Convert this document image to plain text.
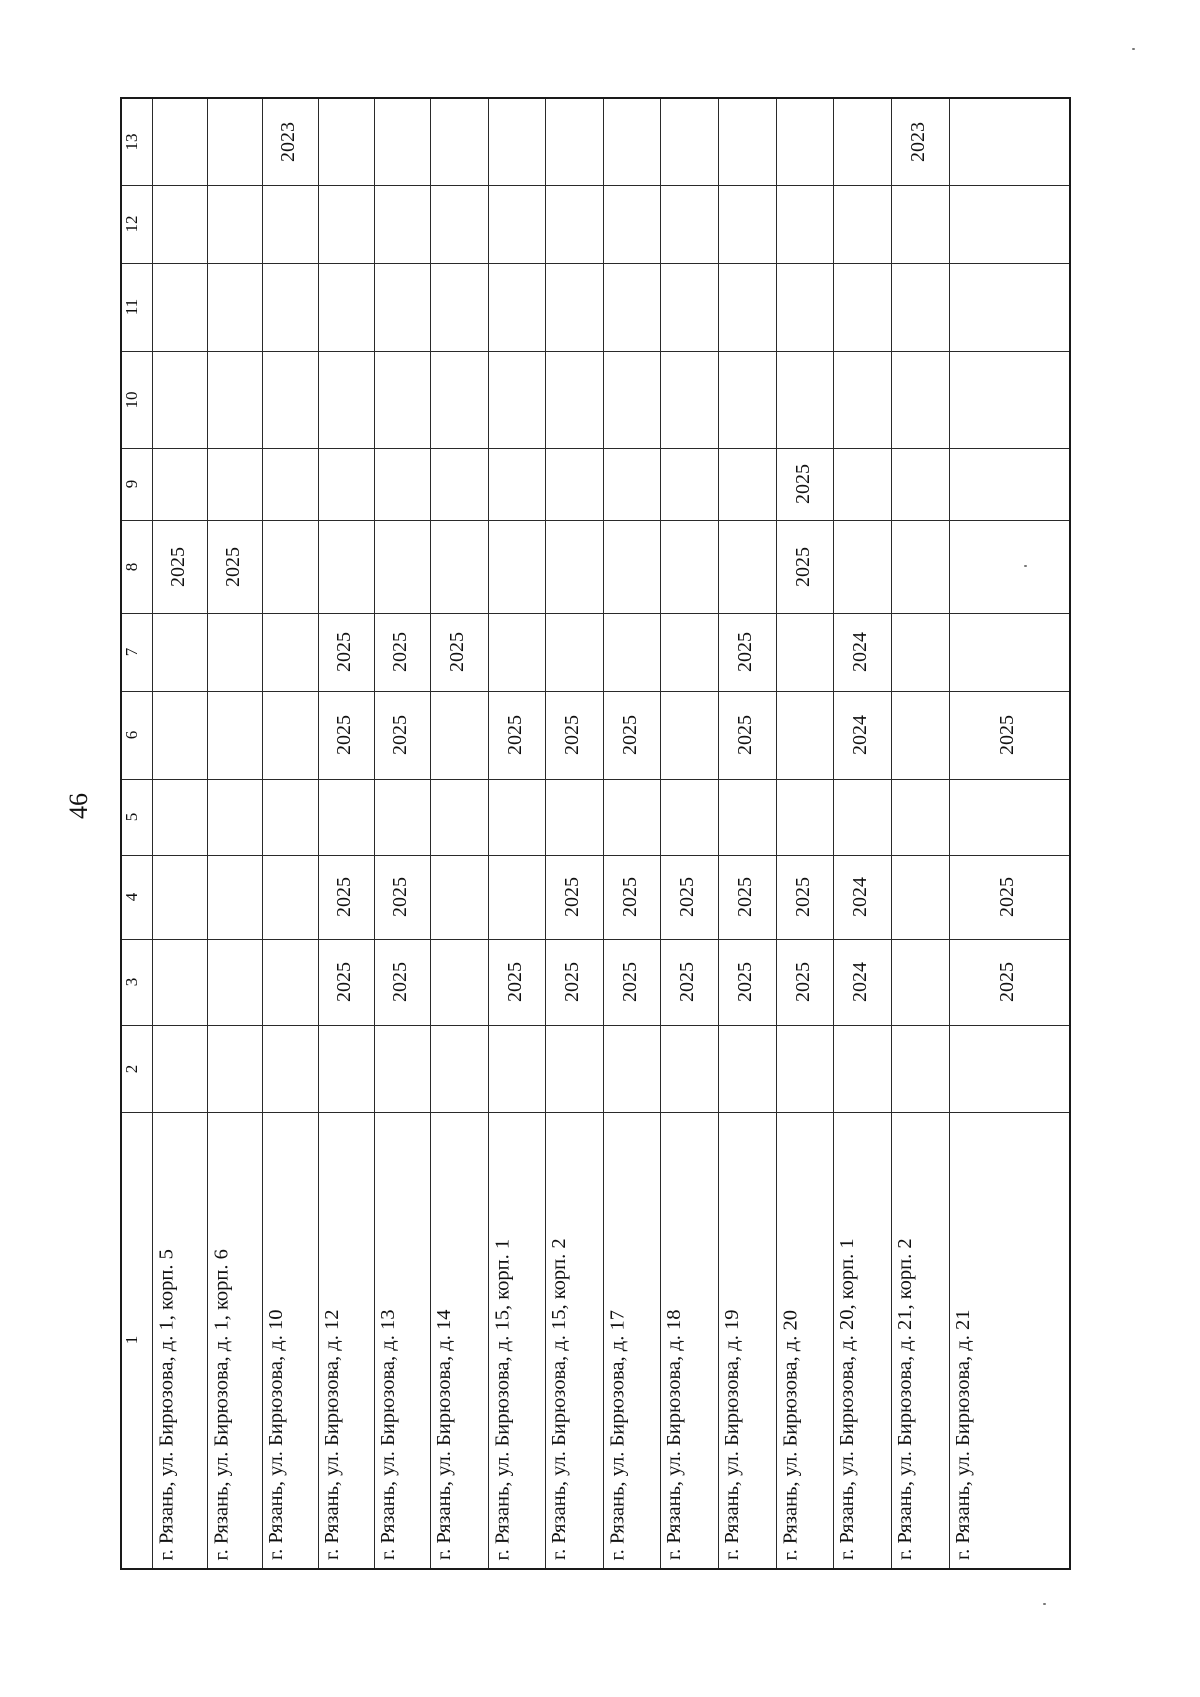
46
1
2
3
4
5
6
7
8
9
10
11
12
13
г. Рязань, ул. Бирюзова, д. 1, корп. 5
2025
г. Рязань, ул. Бирюзова, д. 1, корп. 6
2025
г. Рязань, ул. Бирюзова, д. 10
2023
г. Рязань, ул. Бирюзова, д. 12
2025
2025
2025
2025
г. Рязань, ул. Бирюзова, д. 13
2025
2025
2025
2025
г. Рязань, ул. Бирюзова, д. 14
2025
г. Рязань, ул. Бирюзова, д. 15, корп. 1
2025
2025
г. Рязань, ул. Бирюзова, д. 15, корп. 2
2025
2025
2025
г. Рязань, ул. Бирюзова, д. 17
2025
2025
2025
г. Рязань, ул. Бирюзова, д. 18
2025
2025
г. Рязань, ул. Бирюзова, д. 19
2025
2025
2025
2025
г. Рязань, ул. Бирюзова, д. 20
2025
2025
2025
2025
г. Рязань, ул. Бирюзова, д. 20, корп. 1
2024
2024
2024
2024
г. Рязань, ул. Бирюзова, д. 21, корп. 2
2023
г. Рязань, ул. Бирюзова, д. 21
2025
2025
2025
